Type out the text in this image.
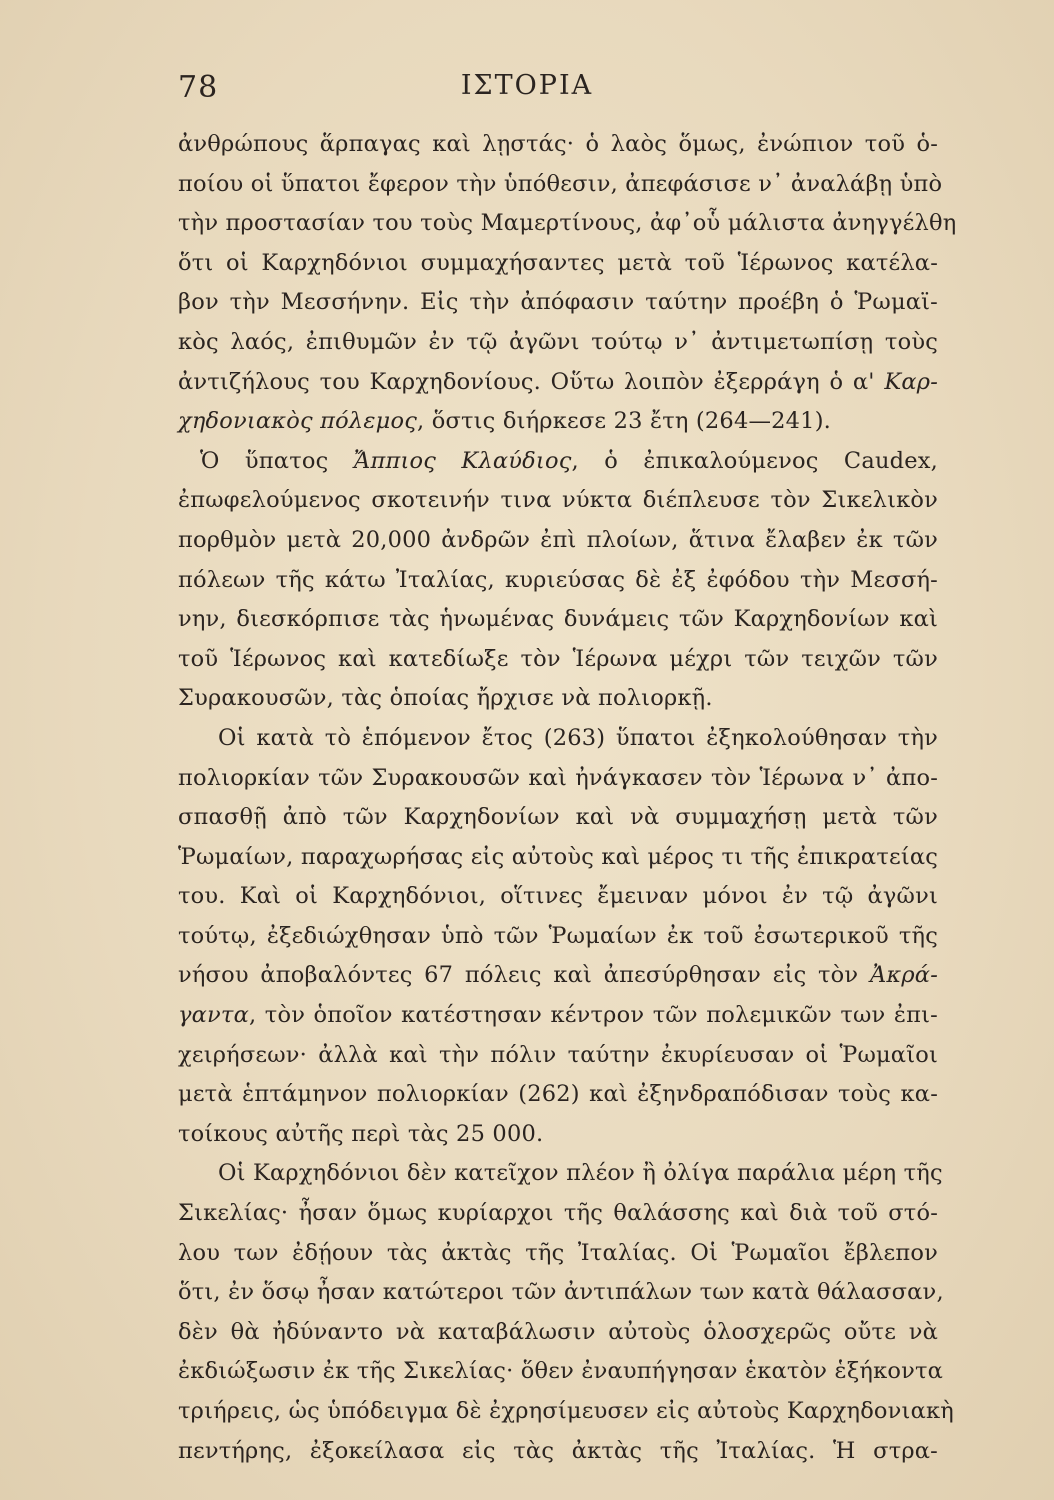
78	ΙΣΤΟΡΙΑ
ἀνθρώπους ἅρπαγας καὶ λῃστάς· ὁ λαὸς ὅμως, ἐνώπιον τοῦ ὁ-
ποίου οἱ ὕπατοι ἔφερον τὴν ὑπόθεσιν, ἀπεφάσισε ν᾽ ἀναλάβῃ ὑπὸ
τὴν προστασίαν του τοὺς Μαμερτίνους, ἀφ᾽οὗ μάλιστα ἀνηγγέλθη
ὅτι οἱ Καρχηδόνιοι συμμαχήσαντες μετὰ τοῦ Ἱέρωνος κατέλα-
βον τὴν Μεσσήνην. Εἰς τὴν ἀπόφασιν ταύτην προέβη ὁ Ῥωμαϊ-
κὸς λαός, ἐπιθυμῶν ἐν τῷ ἀγῶνι τούτῳ ν᾽ ἀντιμετωπίσῃ τοὺς
ἀντιζήλους του Καρχηδονίους. Οὕτω λοιπὸν ἐξερράγη ὁ α' Καρ-
χηδονιακὸς πόλεμος, ὅστις διήρκεσε 23 ἔτη (264—241).
Ὁ ὕπατος Ἄππιος Κλαύδιος, ὁ ἐπικαλούμενος Caudex,
ἐπωφελούμενος σκοτεινήν τινα νύκτα διέπλευσε τὸν Σικελικὸν
πορθμὸν μετὰ 20,000 ἀνδρῶν ἐπὶ πλοίων, ἅτινα ἔλαβεν ἐκ τῶν
πόλεων τῆς κάτω Ἰταλίας, κυριεύσας δὲ ἐξ ἐφόδου τὴν Μεσσή-
νην, διεσκόρπισε τὰς ἡνωμένας δυνάμεις τῶν Καρχηδονίων καὶ
τοῦ Ἱέρωνος καὶ κατεδίωξε τὸν Ἱέρωνα μέχρι τῶν τειχῶν τῶν
Συρακουσῶν, τὰς ὁποίας ἤρχισε νὰ πολιορκῇ.
Οἱ κατὰ τὸ ἑπόμενον ἔτος (263) ὕπατοι ἐξηκολούθησαν τὴν
πολιορκίαν τῶν Συρακουσῶν καὶ ἠνάγκασεν τὸν Ἱέρωνα ν᾽ ἀπο-
σπασθῇ ἀπὸ τῶν Καρχηδονίων καὶ νὰ συμμαχήσῃ μετὰ τῶν
Ῥωμαίων, παραχωρήσας εἰς αὐτοὺς καὶ μέρος τι τῆς ἐπικρατείας
του. Καὶ οἱ Καρχηδόνιοι, οἵτινες ἔμειναν μόνοι ἐν τῷ ἀγῶνι
τούτῳ, ἐξεδιώχθησαν ὑπὸ τῶν Ῥωμαίων ἐκ τοῦ ἐσωτερικοῦ τῆς
νήσου ἀποβαλόντες 67 πόλεις καὶ ἀπεσύρθησαν εἰς τὸν Ἀκρά-
γαντα, τὸν ὁποῖον κατέστησαν κέντρον τῶν πολεμικῶν των ἐπι-
χειρήσεων· ἀλλὰ καὶ τὴν πόλιν ταύτην ἐκυρίευσαν οἱ Ῥωμαῖοι
μετὰ ἑπτάμηνον πολιορκίαν (262) καὶ ἐξηνδραπόδισαν τοὺς κα-
τοίκους αὐτῆς περὶ τὰς 25 000.
Οἱ Καρχηδόνιοι δὲν κατεῖχον πλέον ἢ ὀλίγα παράλια μέρη τῆς
Σικελίας· ἦσαν ὅμως κυρίαρχοι τῆς θαλάσσης καὶ διὰ τοῦ στό-
λου των ἐδῄουν τὰς ἀκτὰς τῆς Ἰταλίας. Οἱ Ῥωμαῖοι ἔβλεπον
ὅτι, ἐν ὅσῳ ἦσαν κατώτεροι τῶν ἀντιπάλων των κατὰ θάλασσαν,
δὲν θὰ ἠδύναντο νὰ καταβάλωσιν αὐτοὺς ὁλοσχερῶς οὔτε νὰ
ἐκδιώξωσιν ἐκ τῆς Σικελίας· ὅθεν ἐναυπήγησαν ἑκατὸν ἑξήκοντα
τριήρεις, ὡς ὑπόδειγμα δὲ ἐχρησίμευσεν εἰς αὐτοὺς Καρχηδονιακὴ
πεντήρης, ἐξοκείλασα εἰς τὰς ἀκτὰς τῆς Ἰταλίας. Ἡ στρα-
